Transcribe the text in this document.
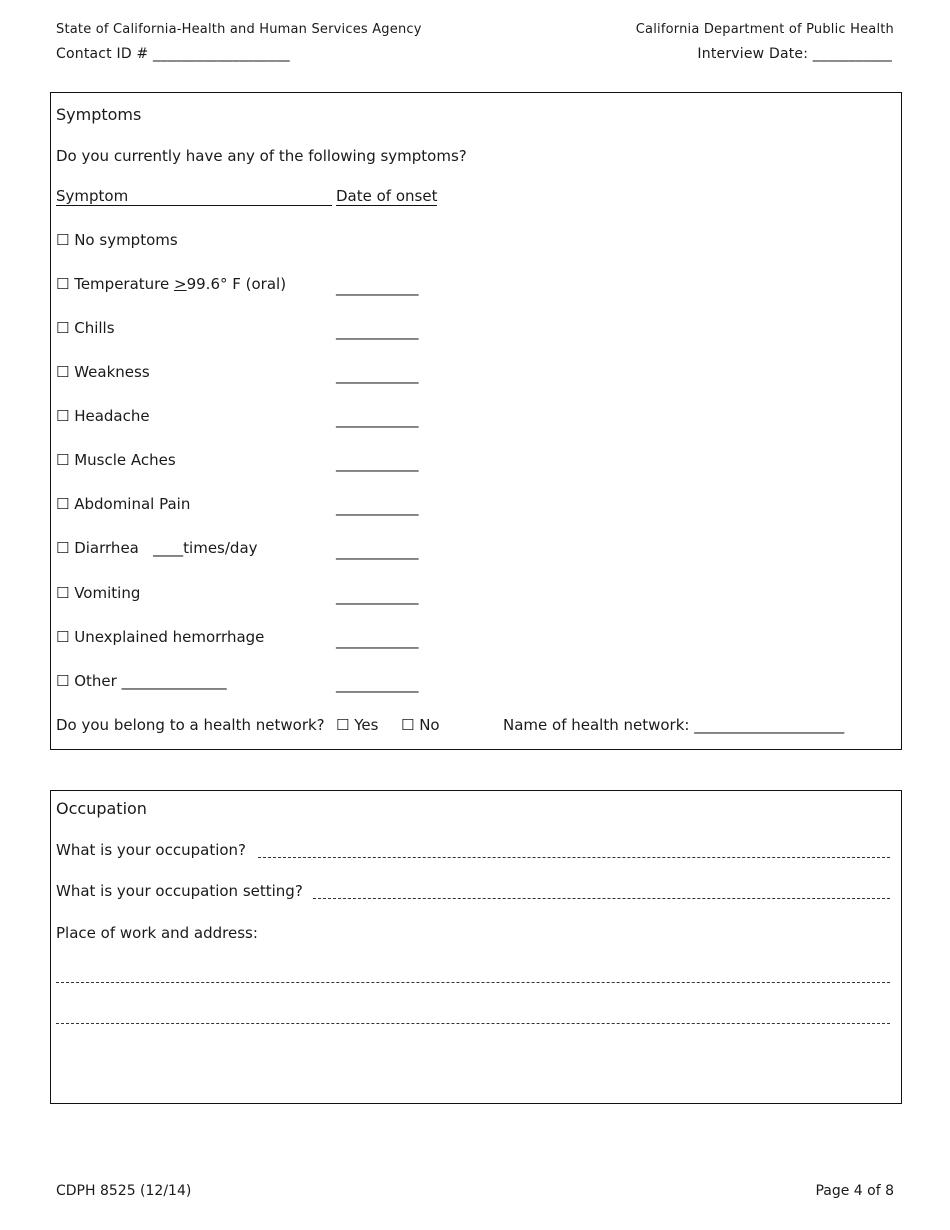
State of California-Health and Human Services Agency	California Department of Public Health
Contact ID # ___________________	Interview Date: ___________
Symptoms
Do you currently have any of the following symptoms?
Symptom	Date of onset
☐ No symptoms
☐ Temperature ≥99.6° F (oral)	___________
☐ Chills	___________
☐ Weakness	___________
☐ Headache	___________
☐ Muscle Aches	___________
☐ Abdominal Pain	___________
☐ Diarrhea   ____times/day	___________
☐ Vomiting	___________
☐ Unexplained hemorrhage	___________
☐ Other ______________	___________
Do you belong to a health network? ☐ Yes ☐ No	Name of health network: ____________________
Occupation
What is your occupation?
What is your occupation setting?
Place of work and address:
CDPH 8525 (12/14)	Page 4 of 8
